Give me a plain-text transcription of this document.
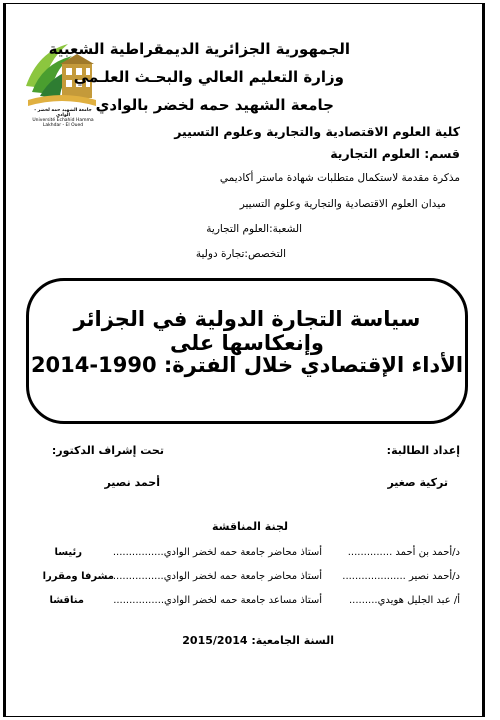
جامعة الشهيد حمه لخضر - الوادي
Université Echahid Hamma Lakhdar - El Oued
الجمهورية الجزائرية الديمقراطية الشعبية
وزارة التعليم العالي والبحـث العلـمي
جامعة الشهيد حمه لخضر بالوادي
كلية العلوم الاقتصادية والتجارية وعلوم التسيير
قسم: العلوم التجارية
مذكرة مقدمة لاستكمال متطلبات شهادة ماستر أكاديمي
ميدان العلوم الاقتصادية والتجارية وعلوم التسيير
الشعبة:العلوم التجارية
التخصص:تجارة دولية
سياسة التجارة الدولية في الجزائر وإنعكاسها على
الأداء الإقتصادي خلال الفترة: 1990-2014
إعداد الطالبة:
تحت إشراف الدكتور:
تركية صغير
أحمد نصير
لجنة المناقشة
د/أحمد بن أحمد ..............
أستاذ محاضر جامعة حمه لخضر الوادي................
رئيسا
د/أحمد نصير ....................
أستاذ محاضر جامعة حمه لخضر الوادي................
مشرفا ومقررا
أ/ عبد الجليل هويدي.........
أستاذ مساعد جامعة حمه لخضر الوادي................
مناقشا
السنة الجامعية: 2015/2014
